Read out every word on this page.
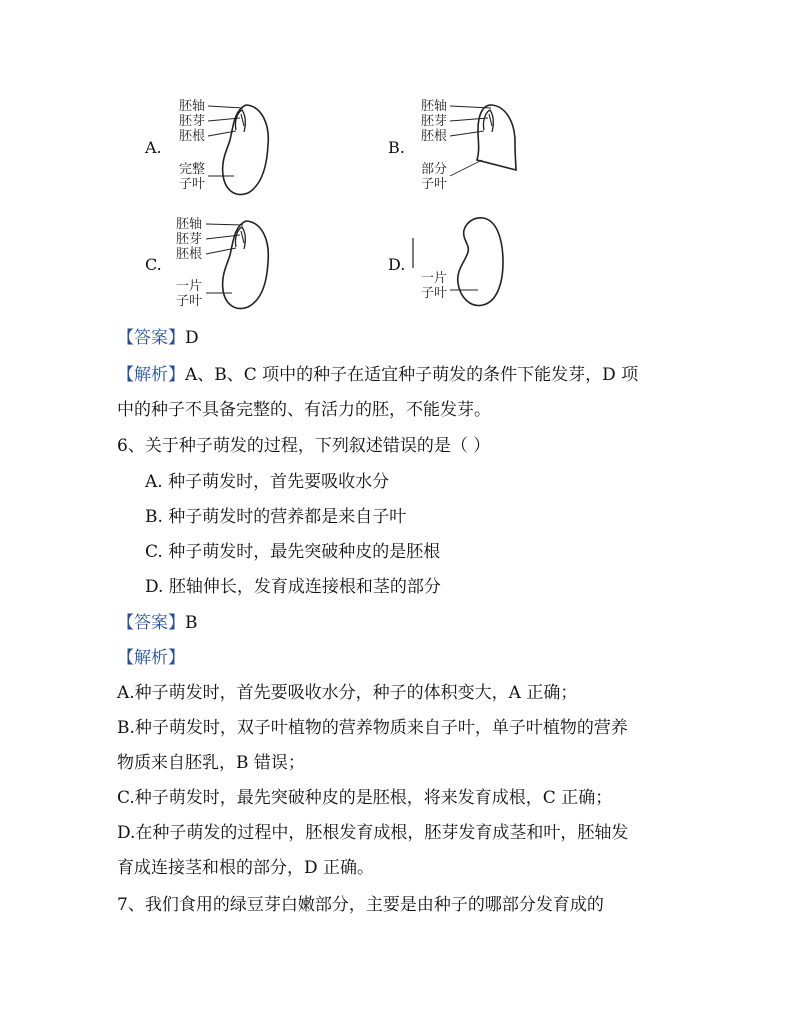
A.
胚轴
胚芽
胚根
完整
子叶
B.
胚轴
胚芽
胚根
部分
子叶
C.
胚轴
胚芽
胚根
一片
子叶
D.
一片
子叶
【答案】D
【解析】A、B、C 项中的种子在适宜种子萌发的条件下能发芽，D 项
中的种子不具备完整的、有活力的胚，不能发芽。
6、关于种子萌发的过程，下列叙述错误的是（ ）
A. 种子萌发时，首先要吸收水分
B. 种子萌发时的营养都是来自子叶
C. 种子萌发时，最先突破种皮的是胚根
D. 胚轴伸长，发育成连接根和茎的部分
【答案】B
【解析】
A.种子萌发时，首先要吸收水分，种子的体积变大，A 正确；
B.种子萌发时，双子叶植物的营养物质来自子叶，单子叶植物的营养
物质来自胚乳，B 错误；
C.种子萌发时，最先突破种皮的是胚根，将来发育成根，C 正确；
D.在种子萌发的过程中，胚根发育成根，胚芽发育成茎和叶，胚轴发
育成连接茎和根的部分，D 正确。
7、我们食用的绿豆芽白嫩部分，主要是由种子的哪部分发育成的
